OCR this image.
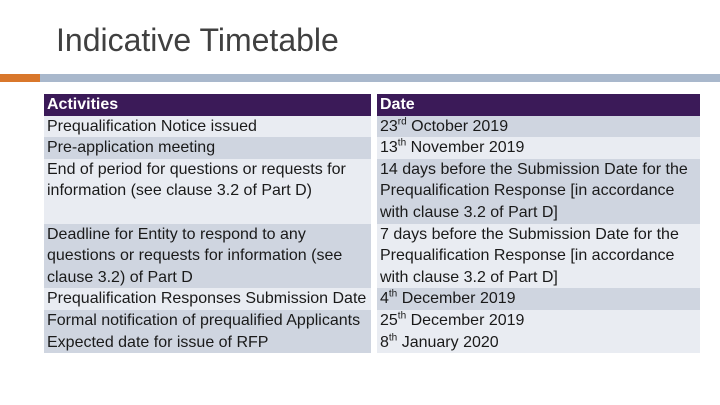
Indicative Timetable
Activities	Date
Prequalification Notice issued	23rd October 2019
Pre-application meeting	13th November 2019
End of period for questions or requests for information (see clause 3.2 of Part D)	14 days before the Submission Date for the Prequalification Response [in accordance with clause 3.2 of Part D]
Deadline for Entity to respond to any questions or requests for information (see clause 3.2) of Part D	7 days before the Submission Date for the Prequalification Response [in accordance with clause 3.2 of Part D]
Prequalification Responses Submission Date	4th December 2019
Formal notification of prequalified Applicants	25th December 2019
Expected date for issue of RFP	8th January 2020
